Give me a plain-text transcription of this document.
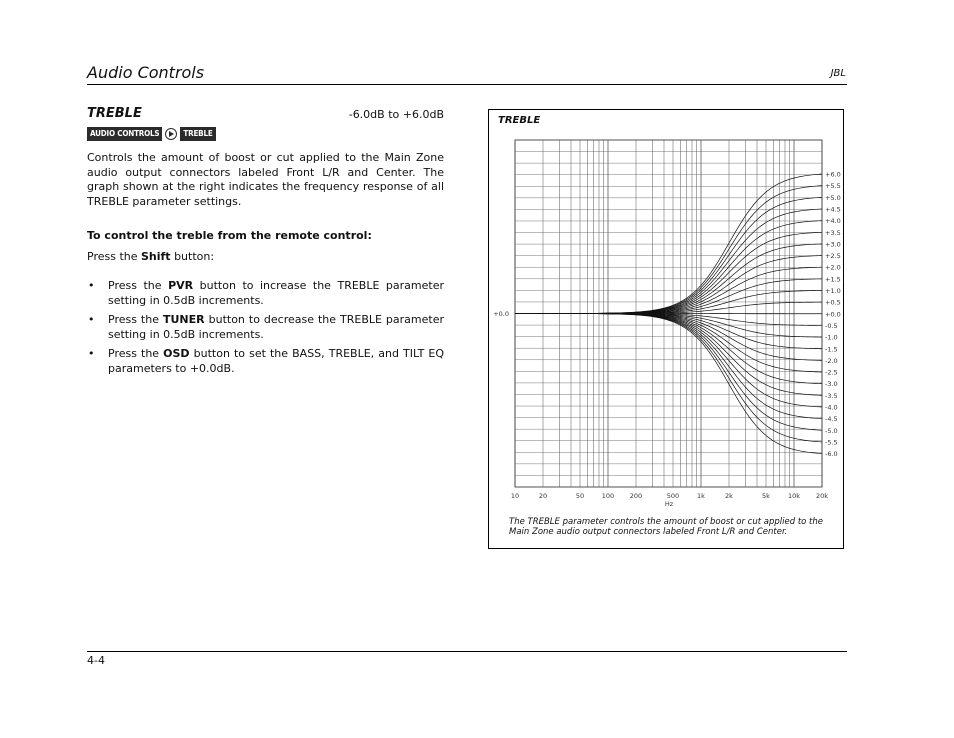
Audio Controls	JBL
TREBLE	-6.0dB to +6.0dB
AUDIO CONTROLS	TREBLE
Controls the amount of boost or cut applied to the Main Zone audio output connectors labeled Front L/R and Center. The graph shown at the right indicates the frequency response of all TREBLE parameter settings.
To control the treble from the remote control:
Press the Shift button:
• Press the PVR button to increase the TREBLE parameter setting in 0.5dB increments.
• Press the TUNER button to decrease the TREBLE parameter setting in 0.5dB increments.
• Press the OSD button to set the BASS, TREBLE, and TILT EQ parameters to +0.0dB.
TREBLE
10	20	50	100 200	500	1k	2k	5k	10k 20k
Hz
+0.0
+6.0
+5.5
+5.0
+4.5
+4.0
+3.5
+3.0
+2.5
+2.0
+1.5
+1.0
+0.5
+0.0
-0.5
-1.0
-1.5
-2.0
-2.5
-3.0
-3.5
-4.0
-4.5
-5.0
-5.5
-6.0
The TREBLE parameter controls the amount of boost or cut applied to the Main Zone audio output connectors labeled Front L/R and Center.
4-4
